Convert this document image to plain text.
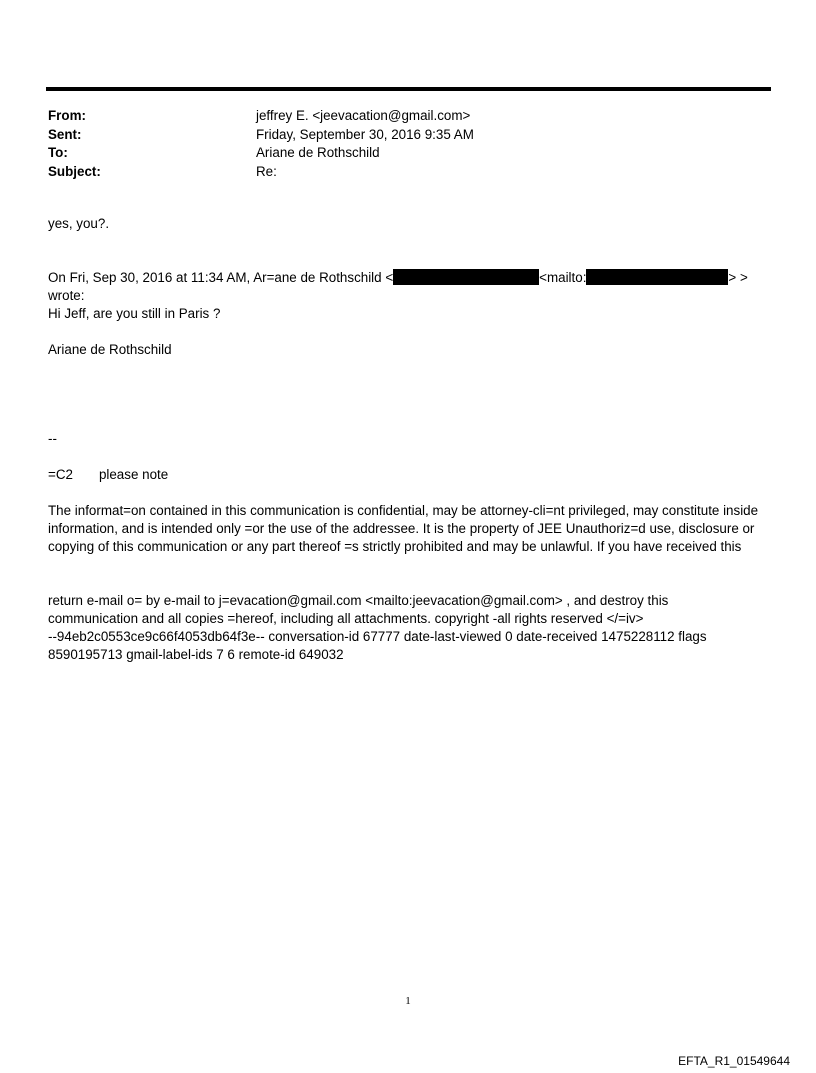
From:	jeffrey E. <jeevacation@gmail.com>
Sent:	Friday, September 30, 2016 9:35 AM
To:	Ariane de Rothschild
Subject:	Re:
yes, you?.
On Fri, Sep 30, 2016 at 11:34 AM, Ar=ane de Rothschild <	<mailto:	> >
wrote:
Hi Jeff, are you still in Paris ?
Ariane de Rothschild
--
=C2 please note
The informat=on contained in this communication is confidential, may be attorney-cli=nt privileged, may constitute inside information, and is intended only =or the use of the addressee. It is the property of JEE Unauthoriz=d use, disclosure or copying of this communication or any part thereof =s strictly prohibited and may be unlawful. If you have received this
return e-mail o= by e-mail to j=evacation@gmail.com <mailto:jeevacation@gmail.com> , and destroy this
communication and all copies =hereof, including all attachments. copyright -all rights reserved </=iv>
--94eb2c0553ce9c66f4053db64f3e-- conversation-id 67777 date-last-viewed 0 date-received 1475228112 flags
8590195713 gmail-label-ids 7 6 remote-id 649032
1
EFTA_R1_01549644
